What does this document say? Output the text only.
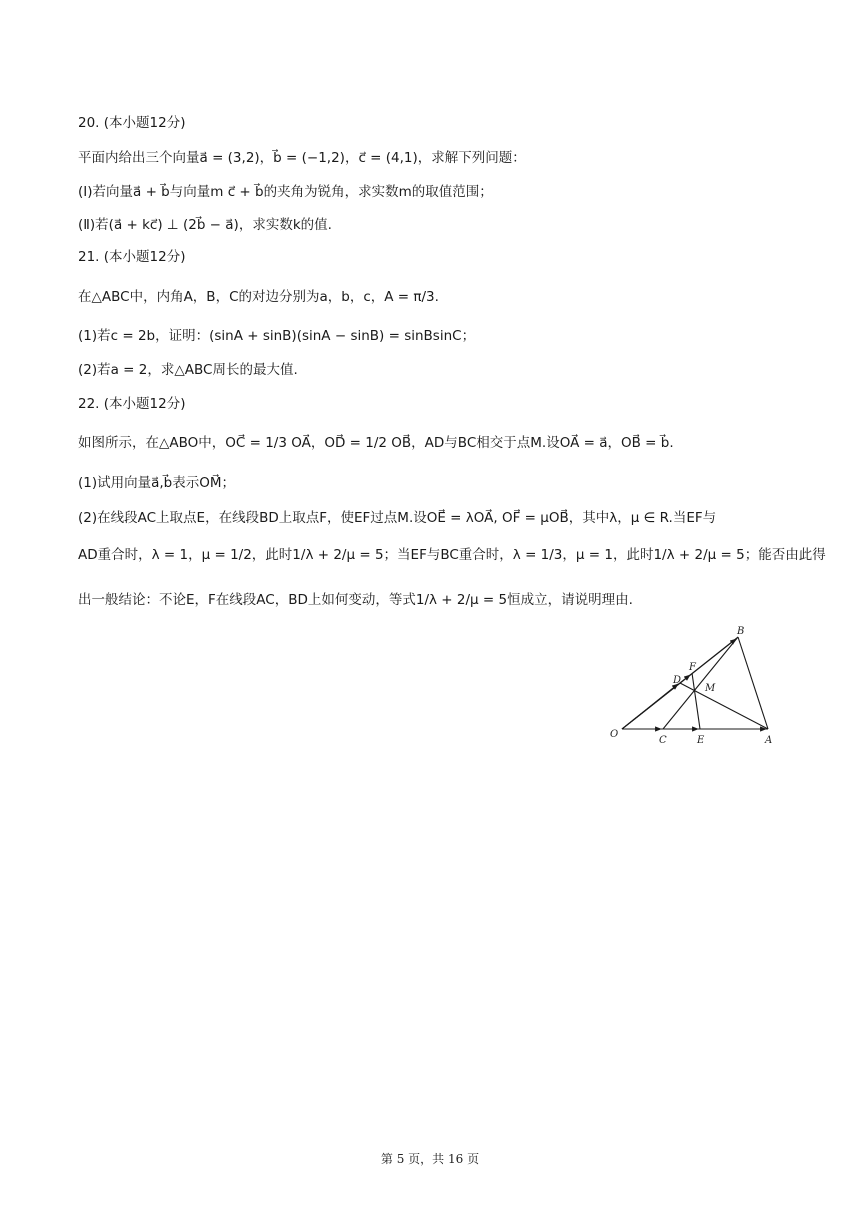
20. (本小题12分)
平面内给出三个向量a⃗ = (3,2)，b⃗ = (−1,2)，c⃗ = (4,1)，求解下列问题：
(Ⅰ)若向量a⃗ + b⃗与向量m c⃗ + b⃗的夹角为锐角，求实数m的取值范围；
(Ⅱ)若(a⃗ + kc⃗) ⊥ (2b⃗ − a⃗)，求实数k的值.
21. (本小题12分)
在△ABC中，内角A，B，C的对边分别为a，b，c，A = π/3.
(1)若c = 2b，证明：(sinA + sinB)(sinA − sinB) = sinBsinC；
(2)若a = 2，求△ABC周长的最大值.
22. (本小题12分)
如图所示，在△ABO中，OC⃗ = 1/3 OA⃗，OD⃗ = 1/2 OB⃗，AD与BC相交于点M.设OA⃗ = a⃗，OB⃗ = b⃗.
(1)试用向量a⃗,b⃗表示OM⃗；
(2)在线段AC上取点E，在线段BD上取点F，使EF过点M.设OE⃗ = λOA⃗, OF⃗ = μOB⃗，其中λ，μ ∈ R.当EF与
AD重合时，λ = 1，μ = 1/2，此时1/λ + 2/μ = 5；当EF与BC重合时，λ = 1/3，μ = 1，此时1/λ + 2/μ = 5；能否由此得
出一般结论：不论E，F在线段AC，BD上如何变动，等式1/λ + 2/μ = 5恒成立，请说明理由.
O
C	E	A
B
D
F
M
第 5 页，共 16 页
